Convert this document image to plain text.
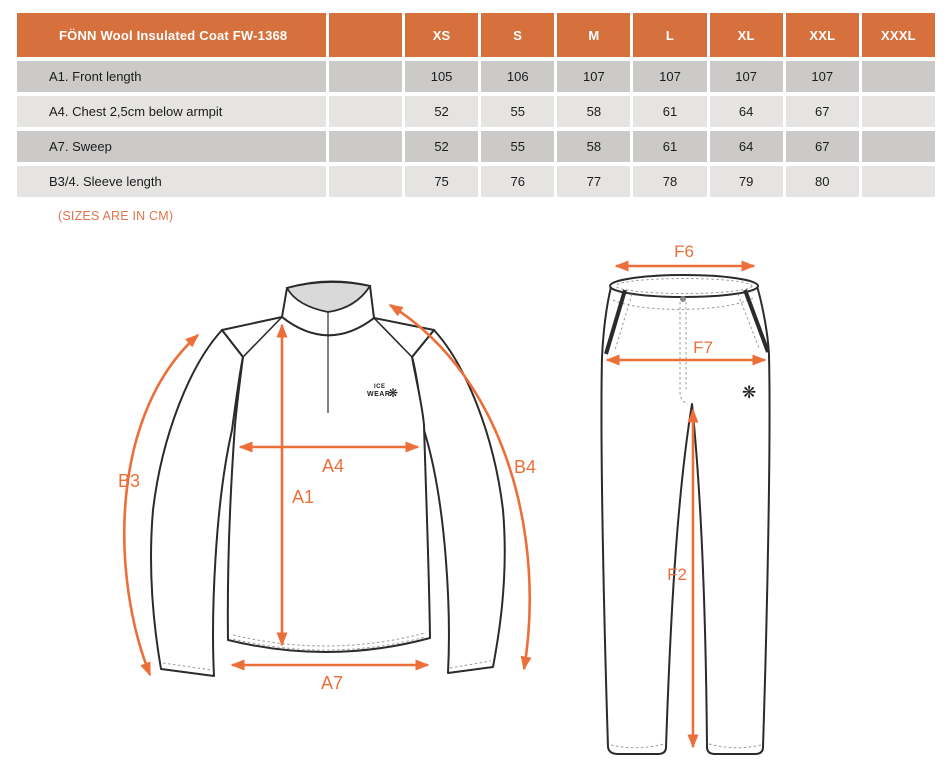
FÖNN Wool Insulated Coat FW-1368	XS	S	M	L	XL	XXL	XXXL
A1. Front length	105	106	107	107	107	107
A4. Chest 2,5cm below armpit	52	55	58	61	64	67
A7. Sweep	52	55	58	61	64	67
B3/4. Sleeve length	75	76	77	78	79	80
(SIZES ARE IN CM)
ICE
WEAR
❋
B3
B4
A4
A1
A7
❋
F6
F7
F2
